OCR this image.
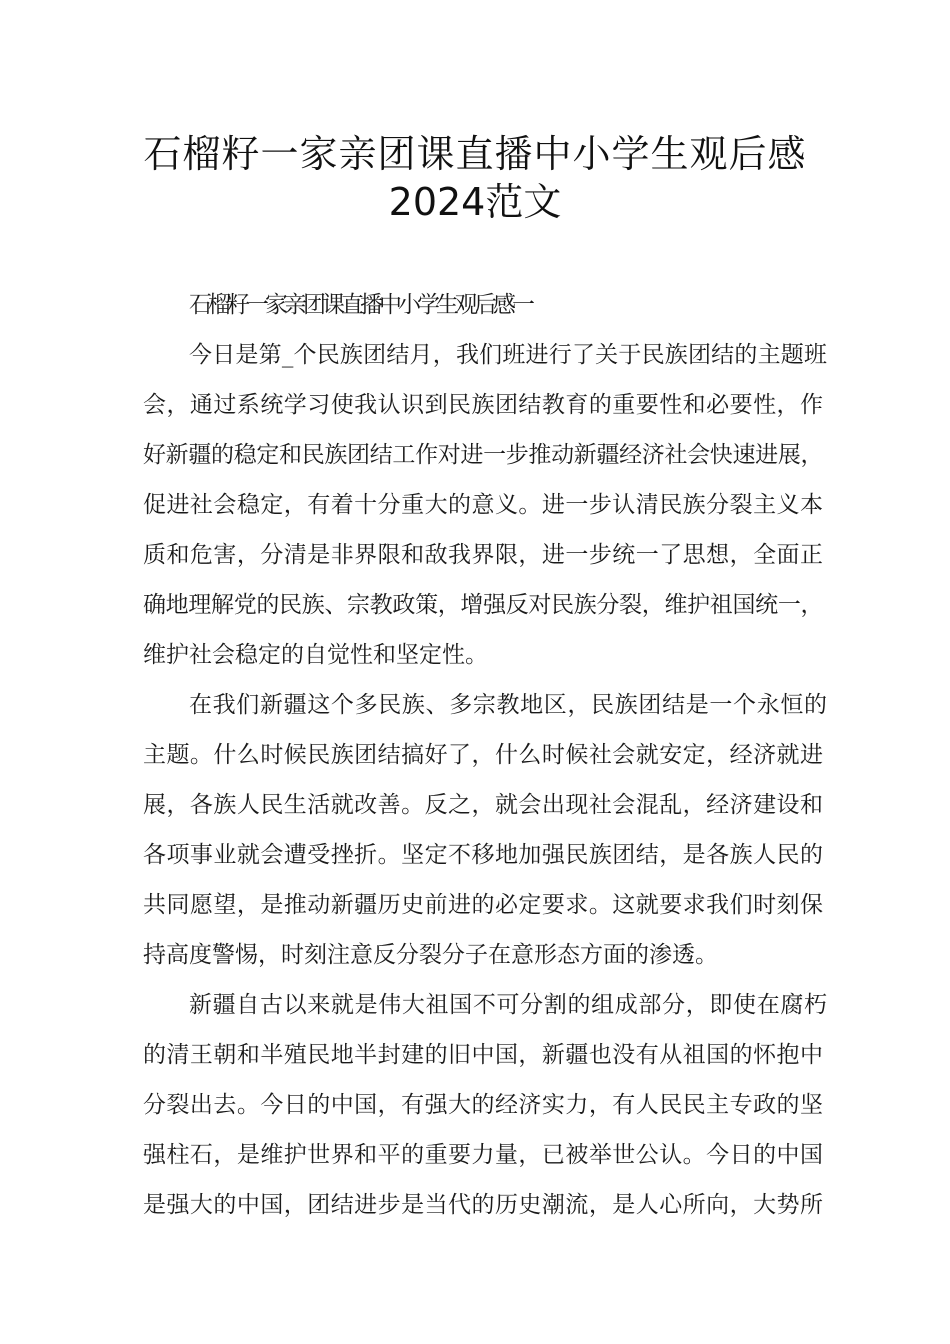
石榴籽一家亲团课直播中小学生观后感
2024范文
石榴籽一家亲团课直播中小学生观后感一
今日是第_个民族团结月，我们班进行了关于民族团结的主题班
会，通过系统学习使我认识到民族团结教育的重要性和必要性，作
好新疆的稳定和民族团结工作对进一步推动新疆经济社会快速进展，
促进社会稳定，有着十分重大的意义。进一步认清民族分裂主义本
质和危害，分清是非界限和敌我界限，进一步统一了思想，全面正
确地理解党的民族、宗教政策，增强反对民族分裂，维护祖国统一，
维护社会稳定的自觉性和坚定性。
在我们新疆这个多民族、多宗教地区，民族团结是一个永恒的
主题。什么时候民族团结搞好了，什么时候社会就安定，经济就进
展，各族人民生活就改善。反之，就会出现社会混乱，经济建设和
各项事业就会遭受挫折。坚定不移地加强民族团结，是各族人民的
共同愿望，是推动新疆历史前进的必定要求。这就要求我们时刻保
持高度警惕，时刻注意反分裂分子在意形态方面的渗透。
新疆自古以来就是伟大祖国不可分割的组成部分，即使在腐朽
的清王朝和半殖民地半封建的旧中国，新疆也没有从祖国的怀抱中
分裂出去。今日的中国，有强大的经济实力，有人民民主专政的坚
强柱石，是维护世界和平的重要力量，已被举世公认。今日的中国
是强大的中国，团结进步是当代的历史潮流，是人心所向，大势所
